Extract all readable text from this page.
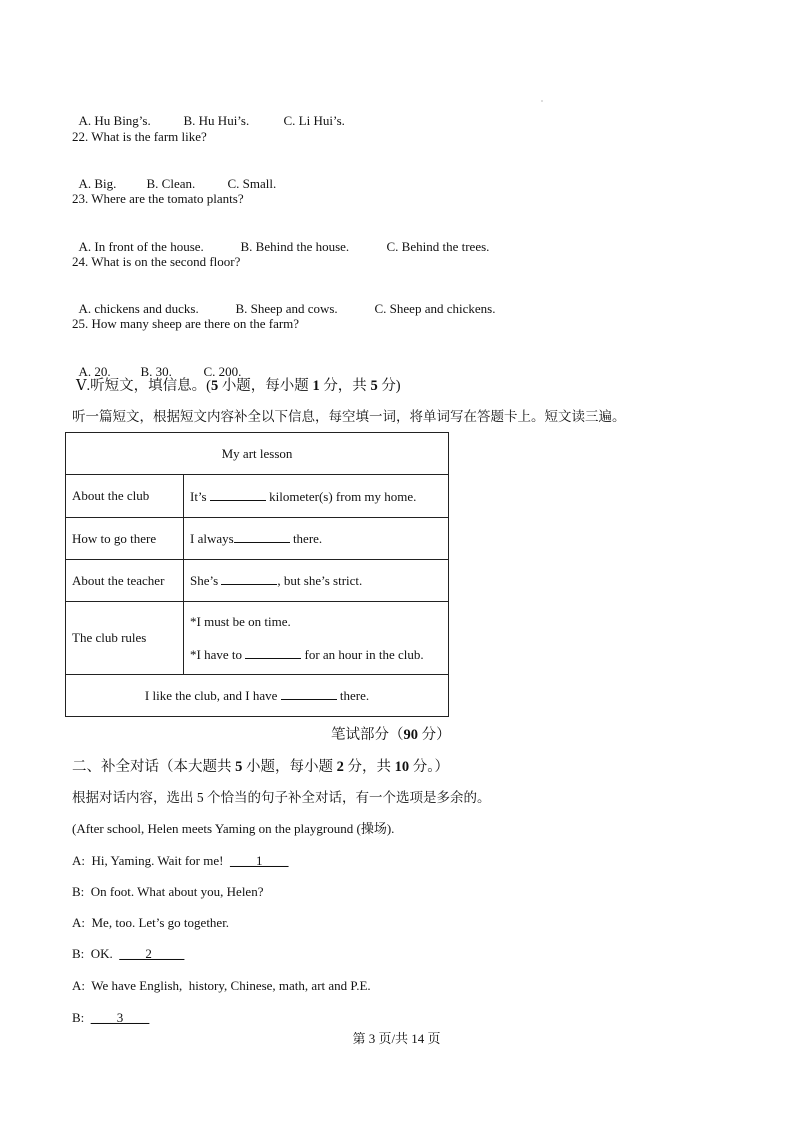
A. Hu Bing’s.	B. Hu Hui’s.	C. Li Hui’s.

22. What is the farm like?

A. Big. B. Clean. C. Small.

23. Where are the tomato plants?

A. In front of the house.	B. Behind the house.	C. Behind the trees.

24. What is on the second floor?

A. chickens and ducks.	B. Sheep and cows.	C. Sheep and chickens.

25. How many sheep are there on the farm?

A. 20. B. 30. C. 200.

Ⅴ.听短文，填信息。(5 小题，每小题 1 分，共 5 分)
听一篇短文，根据短文内容补全以下信息，每空填一词，将单词写在答题卡上。短文读三遍。
My art lesson	
About the club	It’s kilometer(s) from my home.
How to go there	I always there.
About the teacher	She’s , but she’s strict.
The club rules	*I must be on time.
*I have to for an hour in the club.

I like the club, and I have there.	
笔试部分（90 分）
二、补全对话（本大题共 5 小题，每小题 2 分，共 10 分。）
根据对话内容，选出 5 个恰当的句子补全对话，有一个选项是多余的。
(After school, Helen meets Yaming on the playground (操场).
A:  Hi, Yaming. Wait for me!  ____1____
B:  On foot. What about you, Helen?
A:  Me, too. Let’s go together.
B:  OK.  ____2_____
A:  We have English,  history, Chinese, math, art and P.E.
B:  ____3____
第 3 页/共 14 页
